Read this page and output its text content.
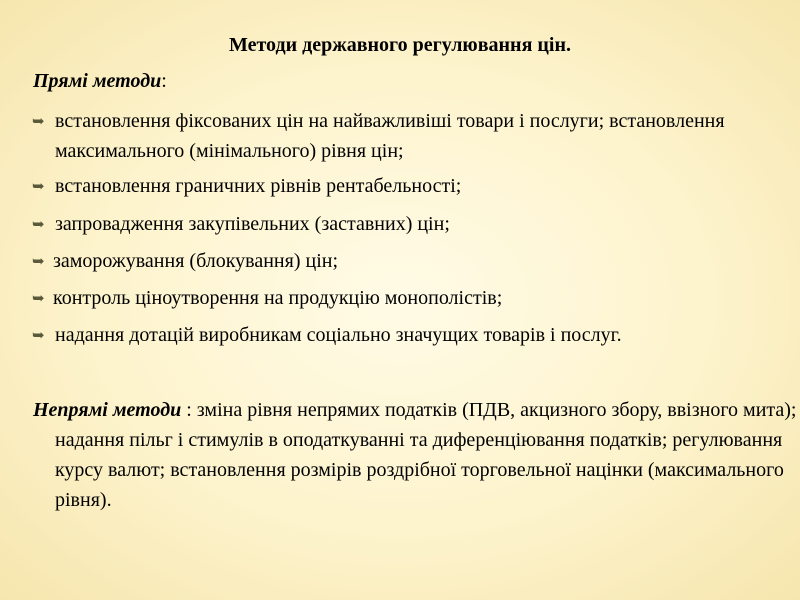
Методи державного регулювання цін.
Прямі методи:
➥ встановлення фіксованих цін на найважливіші товари і послуги; встановлення максимального (мінімального) рівня цін;
➥ встановлення граничних рівнів рентабельності;
➥ запровадження закупівельних (заставних) цін;
➥ заморожування (блокування) цін;
➥ контроль ціноутворення на продукцію монополістів;
➥ надання дотацій виробникам соціально значущих товарів і послуг.
Непрямі методи : зміна рівня непрямих податків (ПДВ, акцизного збору, ввізного мита); надання пільг і стимулів в оподаткуванні та диференціювання податків; регулювання курсу валют; встановлення розмірів роздрібної торговельної націнки (максимального рівня).
